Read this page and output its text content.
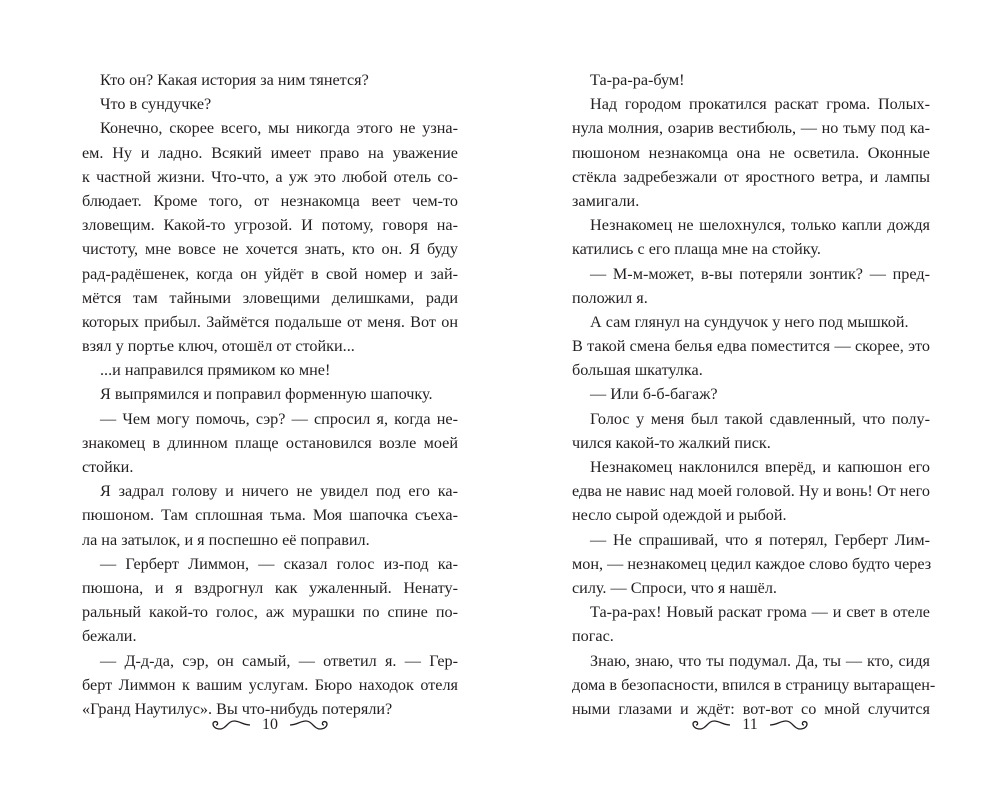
Кто он? Какая история за ним тянется?
Что в сундучке?
Конечно, скорее всего, мы никогда этого не узна-
ем. Ну и ладно. Всякий имеет право на уважение
к частной жизни. Что-что, а уж это любой отель со-
блюдает. Кроме того, от незнакомца веет чем-то
зловещим. Какой-то угрозой. И потому, говоря на-
чистоту, мне вовсе не хочется знать, кто он. Я буду
рад-радёшенек, когда он уйдёт в свой номер и зай-
мётся там тайными зловещими делишками, ради
которых прибыл. Займётся подальше от меня. Вот он
взял у портье ключ, отошёл от стойки...
...и направился прямиком ко мне!
Я выпрямился и поправил форменную шапочку.
— Чем могу помочь, сэр? — спросил я, когда не-
знакомец в длинном плаще остановился возле моей
стойки.
Я задрал голову и ничего не увидел под его ка-
пюшоном. Там сплошная тьма. Моя шапочка съеха-
ла на затылок, и я поспешно её поправил.
— Герберт Лиммон, — сказал голос из-под ка-
пюшона, и я вздрогнул как ужаленный. Ненату-
ральный какой-то голос, аж мурашки по спине по-
бежали.
— Д-д-да, сэр, он самый, — ответил я. — Гер-
берт Лиммон к вашим услугам. Бюро находок отеля
«Гранд Наутилус». Вы что-нибудь потеряли?
Та-ра-ра-бум!
Над городом прокатился раскат грома. Полых-
нула молния, озарив вестибюль, — но тьму под ка-
пюшоном незнакомца она не осветила. Оконные
стёкла задребезжали от яростного ветра, и лампы
замигали.
Незнакомец не шелохнулся, только капли дождя
катились с его плаща мне на стойку.
— М-м-может, в-вы потеряли зонтик? — пред-
положил я.
А сам глянул на сундучок у него под мышкой.
В такой смена белья едва поместится — скорее, это
большая шкатулка.
— Или б-б-багаж?
Голос у меня был такой сдавленный, что полу-
чился какой-то жалкий писк.
Незнакомец наклонился вперёд, и капюшон его
едва не навис над моей головой. Ну и вонь! От него
несло сырой одеждой и рыбой.
— Не спрашивай, что я потерял, Герберт Лим-
мон, — незнакомец цедил каждое слово будто через
силу. — Спроси, что я нашёл.
Та-ра-рах! Новый раскат грома — и свет в отеле
погас.
Знаю, знаю, что ты подумал. Да, ты — кто, сидя
дома в безопасности, впился в страницу вытаращен-
ными глазами и ждёт: вот-вот со мной случится
10	11
